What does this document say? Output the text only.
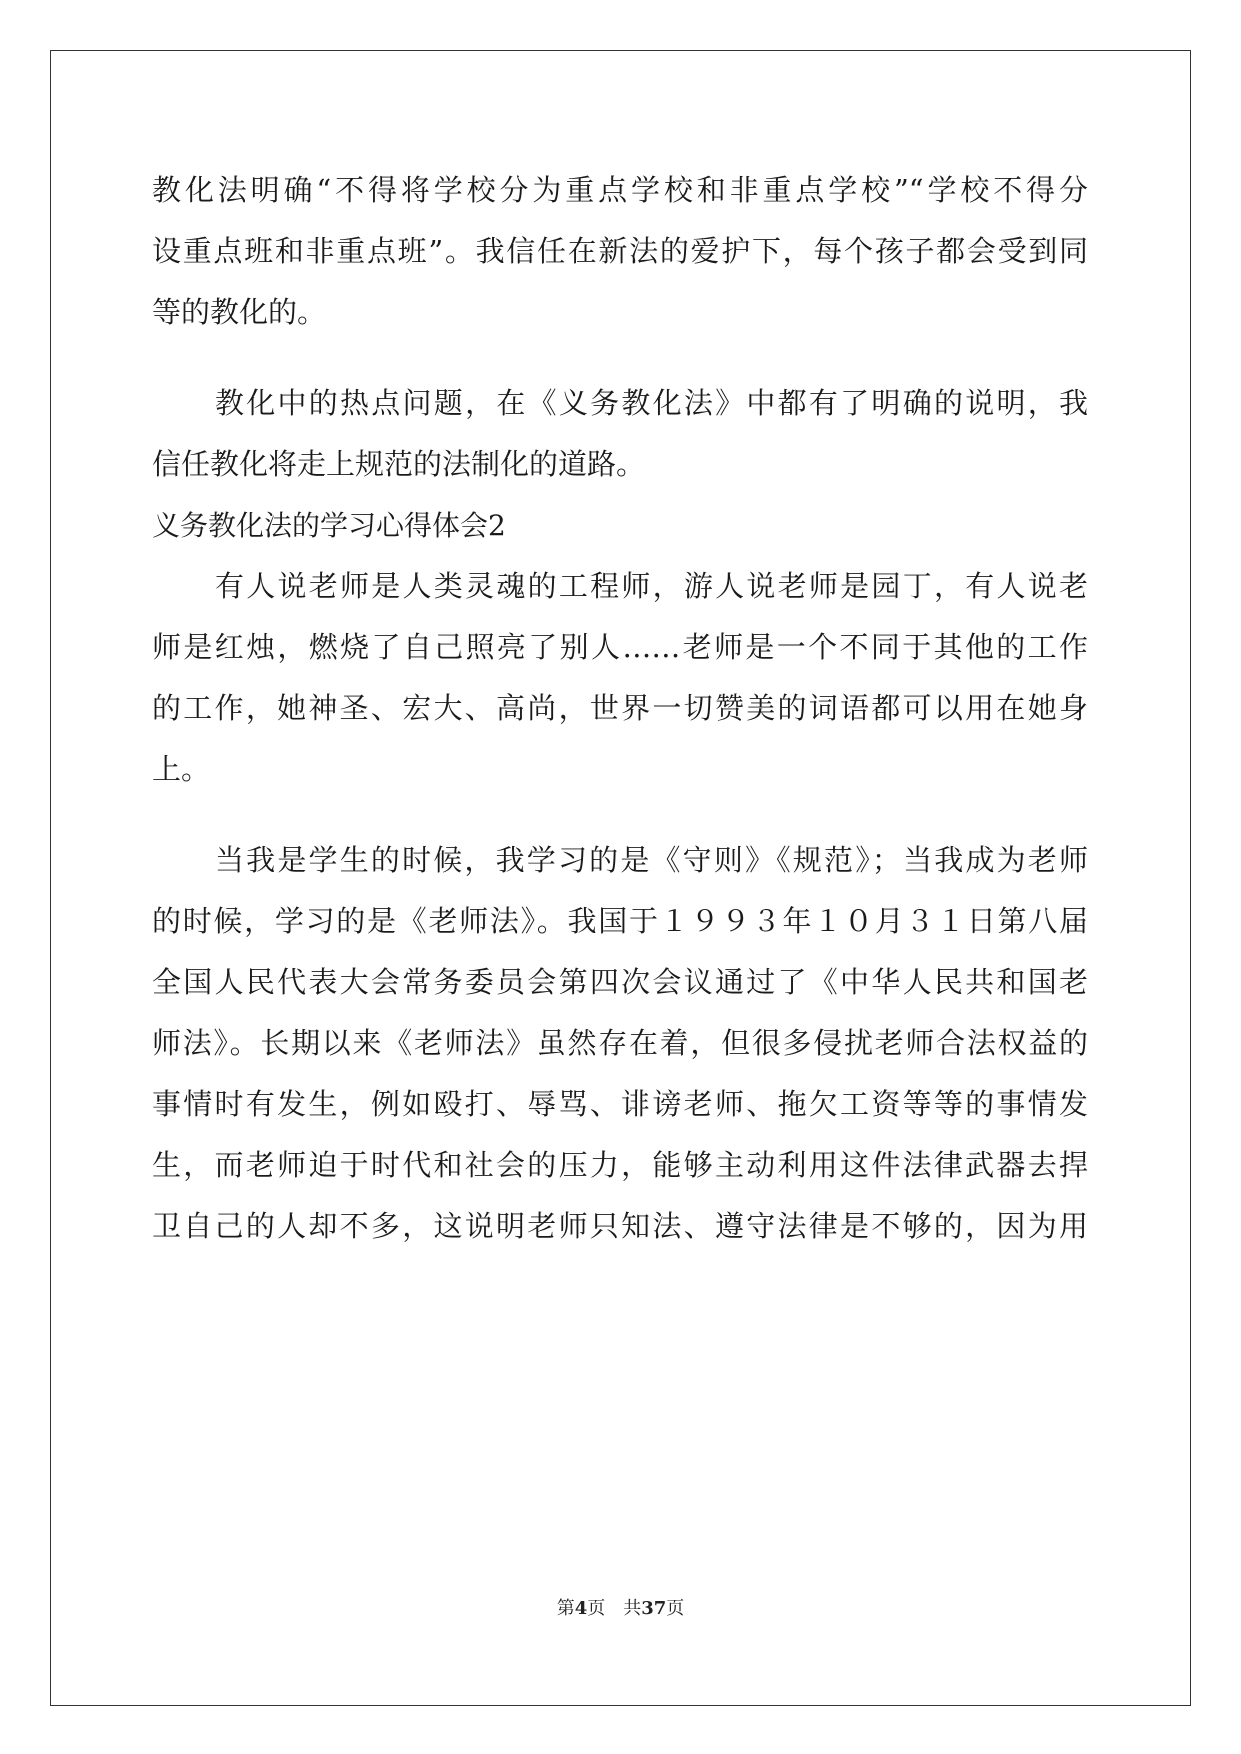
教化法明确“不得将学校分为重点学校和非重点学校”“学校不得分
设重点班和非重点班”。我信任在新法的爱护下，每个孩子都会受到同
等的教化的。
教化中的热点问题，在《义务教化法》中都有了明确的说明，我
信任教化将走上规范的法制化的道路。
义务教化法的学习心得体会2
有人说老师是人类灵魂的工程师，游人说老师是园丁，有人说老
师是红烛，燃烧了自己照亮了别人……老师是一个不同于其他的工作
的工作，她神圣、宏大、高尚，世界一切赞美的词语都可以用在她身
上。
当我是学生的时候，我学习的是《守则》《规范》；当我成为老师
的时候，学习的是《老师法》。我国于１９９３年１０月３１日第八届
全国人民代表大会常务委员会第四次会议通过了《中华人民共和国老
师法》。长期以来《老师法》虽然存在着，但很多侵扰老师合法权益的
事情时有发生，例如殴打、辱骂、诽谤老师、拖欠工资等等的事情发
生，而老师迫于时代和社会的压力，能够主动利用这件法律武器去捍
卫自己的人却不多，这说明老师只知法、遵守法律是不够的，因为用
第4页 共37页
